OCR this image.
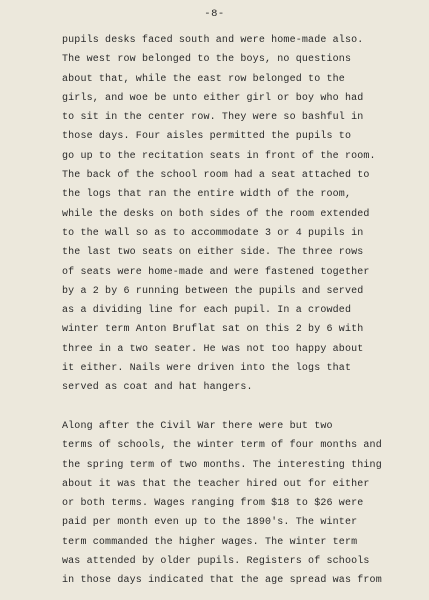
-8-
pupils desks faced south and were home-made also.
The west row belonged to the boys, no questions
about that, while the east row belonged to the
girls, and woe be unto either girl or boy who had
to sit in the center row. They were so bashful in
those days. Four aisles permitted the pupils to
go up to the recitation seats in front of the room.
The back of the school room had a seat attached to
the logs that ran the entire width of the room,
while the desks on both sides of the room extended
to the wall so as to accommodate 3 or 4 pupils in
the last two seats on either side. The three rows
of seats were home-made and were fastened together
by a 2 by 6 running between the pupils and served
as a dividing line for each pupil. In a crowded
winter term Anton Bruflat sat on this 2 by 6 with
three in a two seater. He was not too happy about
it either. Nails were driven into the logs that
served as coat and hat hangers.
Along after the Civil War there were but two
terms of schools, the winter term of four months and
the spring term of two months. The interesting thing
about it was that the teacher hired out for either
or both terms. Wages ranging from $18 to $26 were
paid per month even up to the 1890's. The winter
term commanded the higher wages. The winter term
was attended by older pupils. Registers of schools
in those days indicated that the age spread was from
